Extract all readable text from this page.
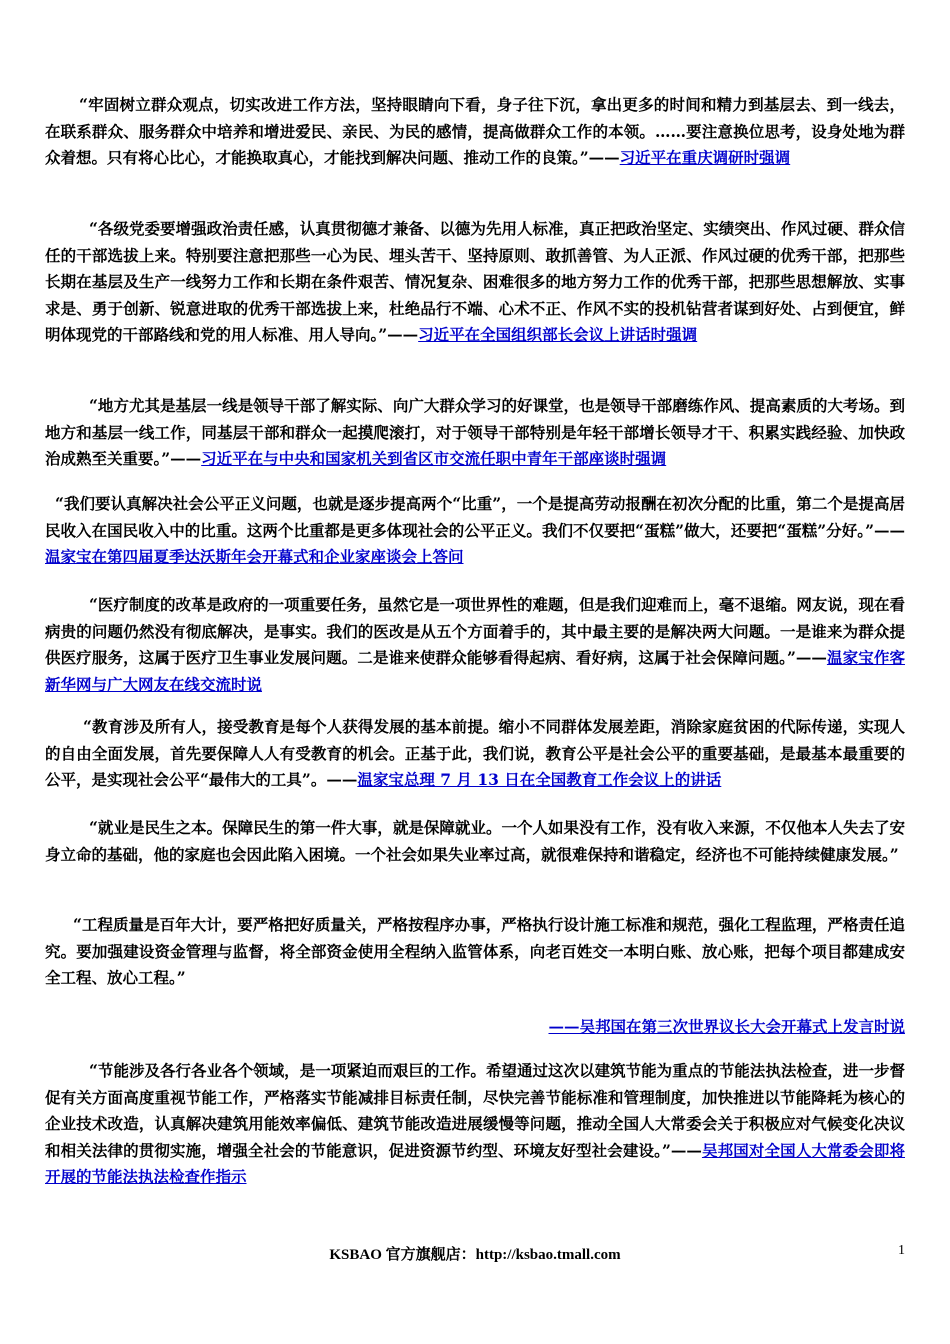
“牢固树立群众观点，切实改进工作方法，坚持眼睛向下看，身子往下沉，拿出更多的时间和精力到基层去、到一线去，在联系群众、服务群众中培养和增进爱民、亲民、为民的感情，提高做群众工作的本领。……要注意换位思考，设身处地为群众着想。只有将心比心，才能换取真心，才能找到解决问题、推动工作的良策。”——习近平在重庆调研时强调

“各级党委要增强政治责任感，认真贯彻德才兼备、以德为先用人标准，真正把政治坚定、实绩突出、作风过硬、群众信任的干部选拔上来。特别要注意把那些一心为民、埋头苦干、坚持原则、敢抓善管、为人正派、作风过硬的优秀干部，把那些长期在基层及生产一线努力工作和长期在条件艰苦、情况复杂、困难很多的地方努力工作的优秀干部，把那些思想解放、实事求是、勇于创新、锐意进取的优秀干部选拔上来，杜绝品行不端、心术不正、作风不实的投机钻营者谋到好处、占到便宜，鲜明体现党的干部路线和党的用人标准、用人导向。”——习近平在全国组织部长会议上讲话时强调

“地方尤其是基层一线是领导干部了解实际、向广大群众学习的好课堂，也是领导干部磨练作风、提高素质的大考场。到地方和基层一线工作，同基层干部和群众一起摸爬滚打，对于领导干部特别是年轻干部增长领导才干、积累实践经验、加快政治成熟至关重要。”——习近平在与中央和国家机关到省区市交流任职中青年干部座谈时强调

“我们要认真解决社会公平正义问题，也就是逐步提高两个“比重”，一个是提高劳动报酬在初次分配的比重，第二个是提高居民收入在国民收入中的比重。这两个比重都是更多体现社会的公平正义。我们不仅要把“蛋糕”做大，还要把“蛋糕”分好。”——温家宝在第四届夏季达沃斯年会开幕式和企业家座谈会上答问

“医疗制度的改革是政府的一项重要任务，虽然它是一项世界性的难题，但是我们迎难而上，毫不退缩。网友说，现在看病贵的问题仍然没有彻底解决，是事实。我们的医改是从五个方面着手的，其中最主要的是解决两大问题。一是谁来为群众提供医疗服务，这属于医疗卫生事业发展问题。二是谁来使群众能够看得起病、看好病，这属于社会保障问题。”——温家宝作客新华网与广大网友在线交流时说

“教育涉及所有人，接受教育是每个人获得发展的基本前提。缩小不同群体发展差距，消除家庭贫困的代际传递，实现人的自由全面发展，首先要保障人人有受教育的机会。正基于此，我们说，教育公平是社会公平的重要基础，是最基本最重要的公平，是实现社会公平“最伟大的工具”。——温家宝总理 7 月 13 日在全国教育工作会议上的讲话

“就业是民生之本。保障民生的第一件大事，就是保障就业。一个人如果没有工作，没有收入来源，不仅他本人失去了安身立命的基础，他的家庭也会因此陷入困境。一个社会如果失业率过高，就很难保持和谐稳定，经济也不可能持续健康发展。”

“工程质量是百年大计，要严格把好质量关，严格按程序办事，严格执行设计施工标准和规范，强化工程监理，严格责任追究。要加强建设资金管理与监督，将全部资金使用全程纳入监管体系，向老百姓交一本明白账、放心账，把每个项目都建成安全工程、放心工程。”

——吴邦国在第三次世界议长大会开幕式上发言时说

“节能涉及各行各业各个领域，是一项紧迫而艰巨的工作。希望通过这次以建筑节能为重点的节能法执法检查，进一步督促有关方面高度重视节能工作，严格落实节能减排目标责任制，尽快完善节能标准和管理制度，加快推进以节能降耗为核心的企业技术改造，认真解决建筑用能效率偏低、建筑节能改造进展缓慢等问题，推动全国人大常委会关于积极应对气候变化决议和相关法律的贯彻实施，增强全社会的节能意识，促进资源节约型、环境友好型社会建设。”——吴邦国对全国人大常委会即将开展的节能法执法检查作指示

KSBAO 官方旗舰店：http://ksbao.tmall.com	1
